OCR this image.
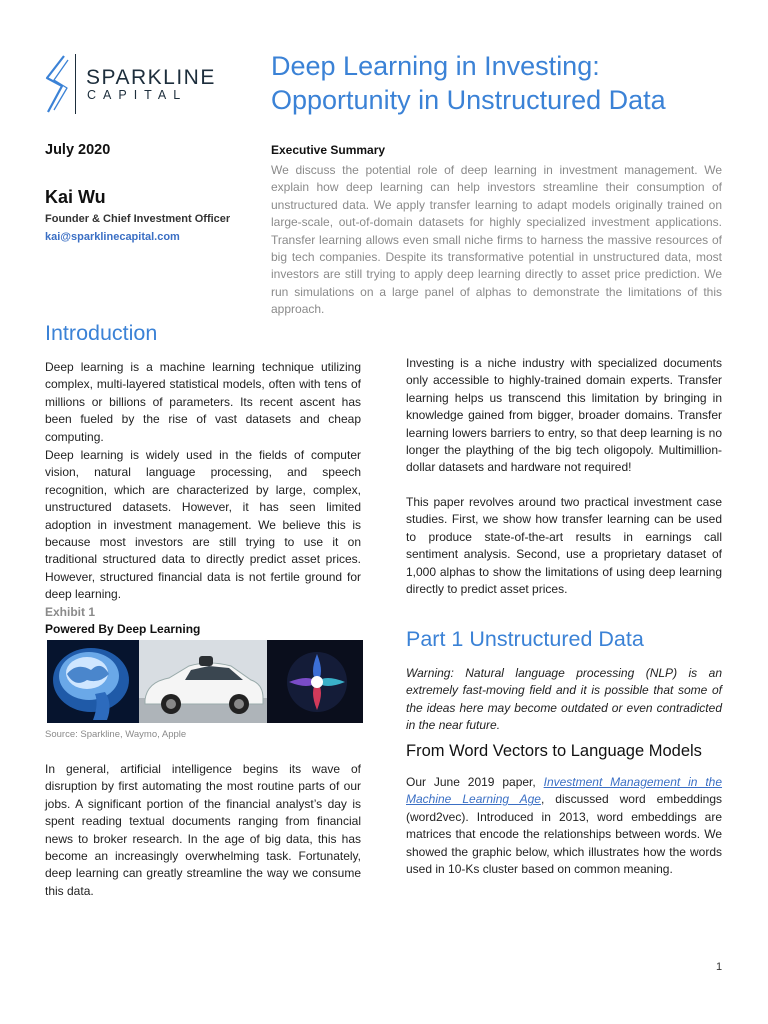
SPARKLINE
CAPITAL
Deep Learning in Investing:
Opportunity in Unstructured Data
July 2020
Kai Wu
Founder & Chief Investment Officer
kai@sparklinecapital.com
Executive Summary

We discuss the potential role of deep learning in investment management. We explain how deep learning can help investors streamline their consumption of unstructured data. We apply transfer learning to adapt models originally trained on large-scale, out-of-domain datasets for highly specialized investment applications. Transfer learning allows even small niche firms to harness the massive resources of big tech companies. Despite its transformative potential in unstructured data, most investors are still trying to apply deep learning directly to asset price prediction. We run simulations on a large panel of alphas to demonstrate the limitations of this approach.

Introduction

Deep learning is a machine learning technique utilizing complex, multi-layered statistical models, often with tens of millions or billions of parameters. Its recent ascent has been fueled by the rise of vast datasets and cheap computing.

Deep learning is widely used in the fields of computer vision, natural language processing, and speech recognition, which are characterized by large, complex, unstructured datasets. However, it has seen limited adoption in investment management. We believe this is because most investors are still trying to use it on traditional structured data to directly predict asset prices. However, structured financial data is not fertile ground for deep learning.

Exhibit 1
Powered By Deep Learning
Source: Sparkline, Waymo, Apple

In general, artificial intelligence begins its wave of disruption by first automating the most routine parts of our jobs. A significant portion of the financial analyst’s day is spent reading textual documents ranging from financial news to broker research. In the age of big data, this has become an increasingly overwhelming task. Fortunately, deep learning can greatly streamline the way we consume this data.

Investing is a niche industry with specialized documents only accessible to highly-trained domain experts. Transfer learning helps us transcend this limitation by bringing in knowledge gained from bigger, broader domains. Transfer learning lowers barriers to entry, so that deep learning is no longer the plaything of the big tech oligopoly. Multimillion-dollar datasets and hardware not required!

This paper revolves around two practical investment case studies. First, we show how transfer learning can be used to produce state-of-the-art results in earnings call sentiment analysis. Second, use a proprietary dataset of 1,000 alphas to show the limitations of using deep learning directly to predict asset prices.

Part 1 Unstructured Data

Warning: Natural language processing (NLP) is an extremely fast-moving field and it is possible that some of the ideas here may become outdated or even contradicted in the near future.

From Word Vectors to Language Models

Our June 2019 paper, Investment Management in the Machine Learning Age, discussed word embeddings (word2vec). Introduced in 2013, word embeddings are matrices that encode the relationships between words. We showed the graphic below, which illustrates how the words used in 10-Ks cluster based on common meaning.

1
